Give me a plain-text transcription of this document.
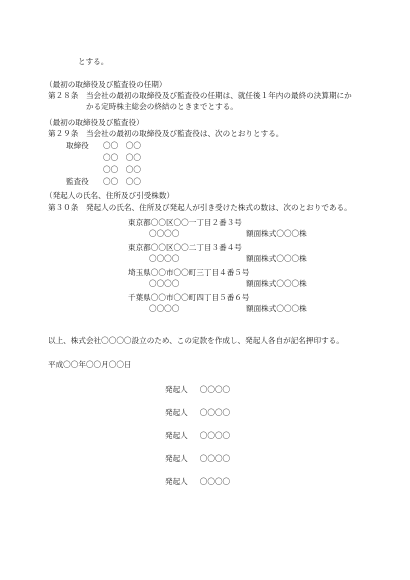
とする。
（最初の取締役及び監査役の任期）
第２８条　当会社の最初の取締役及び監査役の任期は、就任後１年内の最終の決算期にか
かる定時株主総会の終結のときまでとする。
（最初の取締役及び監査役）
第２９条　当会社の最初の取締役及び監査役は、次のとおりとする。
取締役 〇〇　〇〇
〇〇　〇〇
〇〇　〇〇
監査役 〇〇　〇〇
（発起人の氏名、住所及び引受株数）
第３０条　発起人の氏名、住所及び発起人が引き受けた株式の数は、次のとおりである。
東京都〇〇区〇〇一丁目２番３号
〇〇〇〇	額面株式〇〇〇株
東京都〇〇区〇〇二丁目３番４号
〇〇〇〇	額面株式〇〇〇株
埼玉県〇〇市〇〇町三丁目４番５号
〇〇〇〇	額面株式〇〇〇株
千葉県〇〇市〇〇町四丁目５番６号
〇〇〇〇	額面株式〇〇〇株
以上、株式会社〇〇〇〇設立のため、この定款を作成し、発起人各自が記名押印する。
平成〇〇年〇〇月〇〇日
発起人 〇〇〇〇
発起人 〇〇〇〇
発起人 〇〇〇〇
発起人 〇〇〇〇
発起人 〇〇〇〇
